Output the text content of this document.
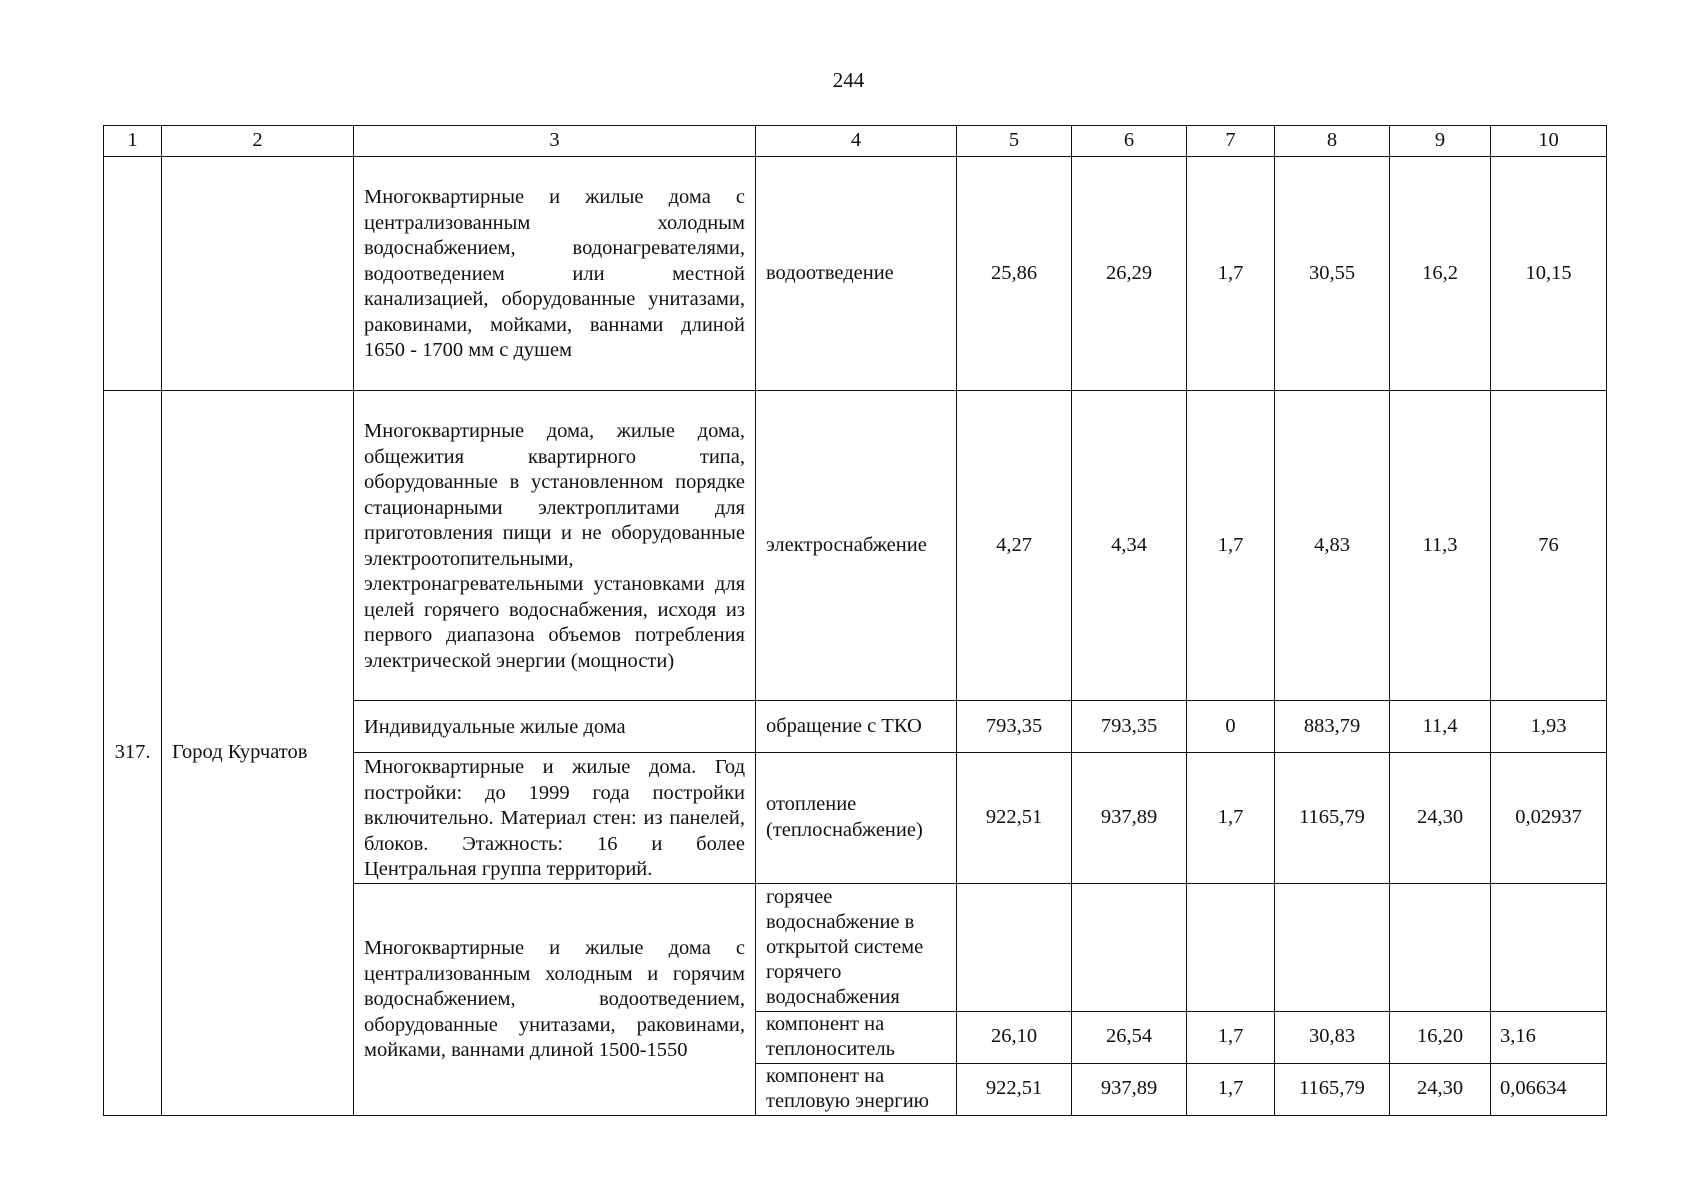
244
1	2	3	4	5	6	7	8	9	10
		Многоквартирные и жилые дома с централизованным холодным водоснабжением, водонагревателями, водоотведением или местной канализацией, оборудованные унитазами, раковинами, мойками, ваннами длиной 1650 - 1700 мм с душем	водоотведение	25,86	26,29	1,7	30,55	16,2	10,15
317.	Город Курчатов	Многоквартирные дома, жилые дома, общежития квартирного типа, оборудованные в установленном порядке стационарными электроплитами для приготовления пищи и не оборудованные электроотопительными, электронагревательными установками для целей горячего водоснабжения, исходя из первого диапазона объемов потребления электрической энергии (мощности)	электроснабжение	4,27	4,34	1,7	4,83	11,3	76
		Индивидуальные жилые дома	обращение с ТКО	793,35	793,35	0	883,79	11,4	1,93
		Многоквартирные и жилые дома. Год постройки: до 1999 года постройки включительно. Материал стен: из панелей, блоков. Этажность: 16 и более Центральная группа территорий.	отопление (теплоснабжение)	922,51	937,89	1,7	1165,79	24,30	0,02937
		Многоквартирные и жилые дома с централизованным холодным и горячим водоснабжением, водоотведением, оборудованные унитазами, раковинами, мойками, ваннами длиной 1500-1550	горячее водоснабжение в открытой системе горячего водоснабжения						
			компонент на теплоноситель	26,10	26,54	1,7	30,83	16,20	3,16
			компонент на тепловую энергию	922,51	937,89	1,7	1165,79	24,30	0,06634
